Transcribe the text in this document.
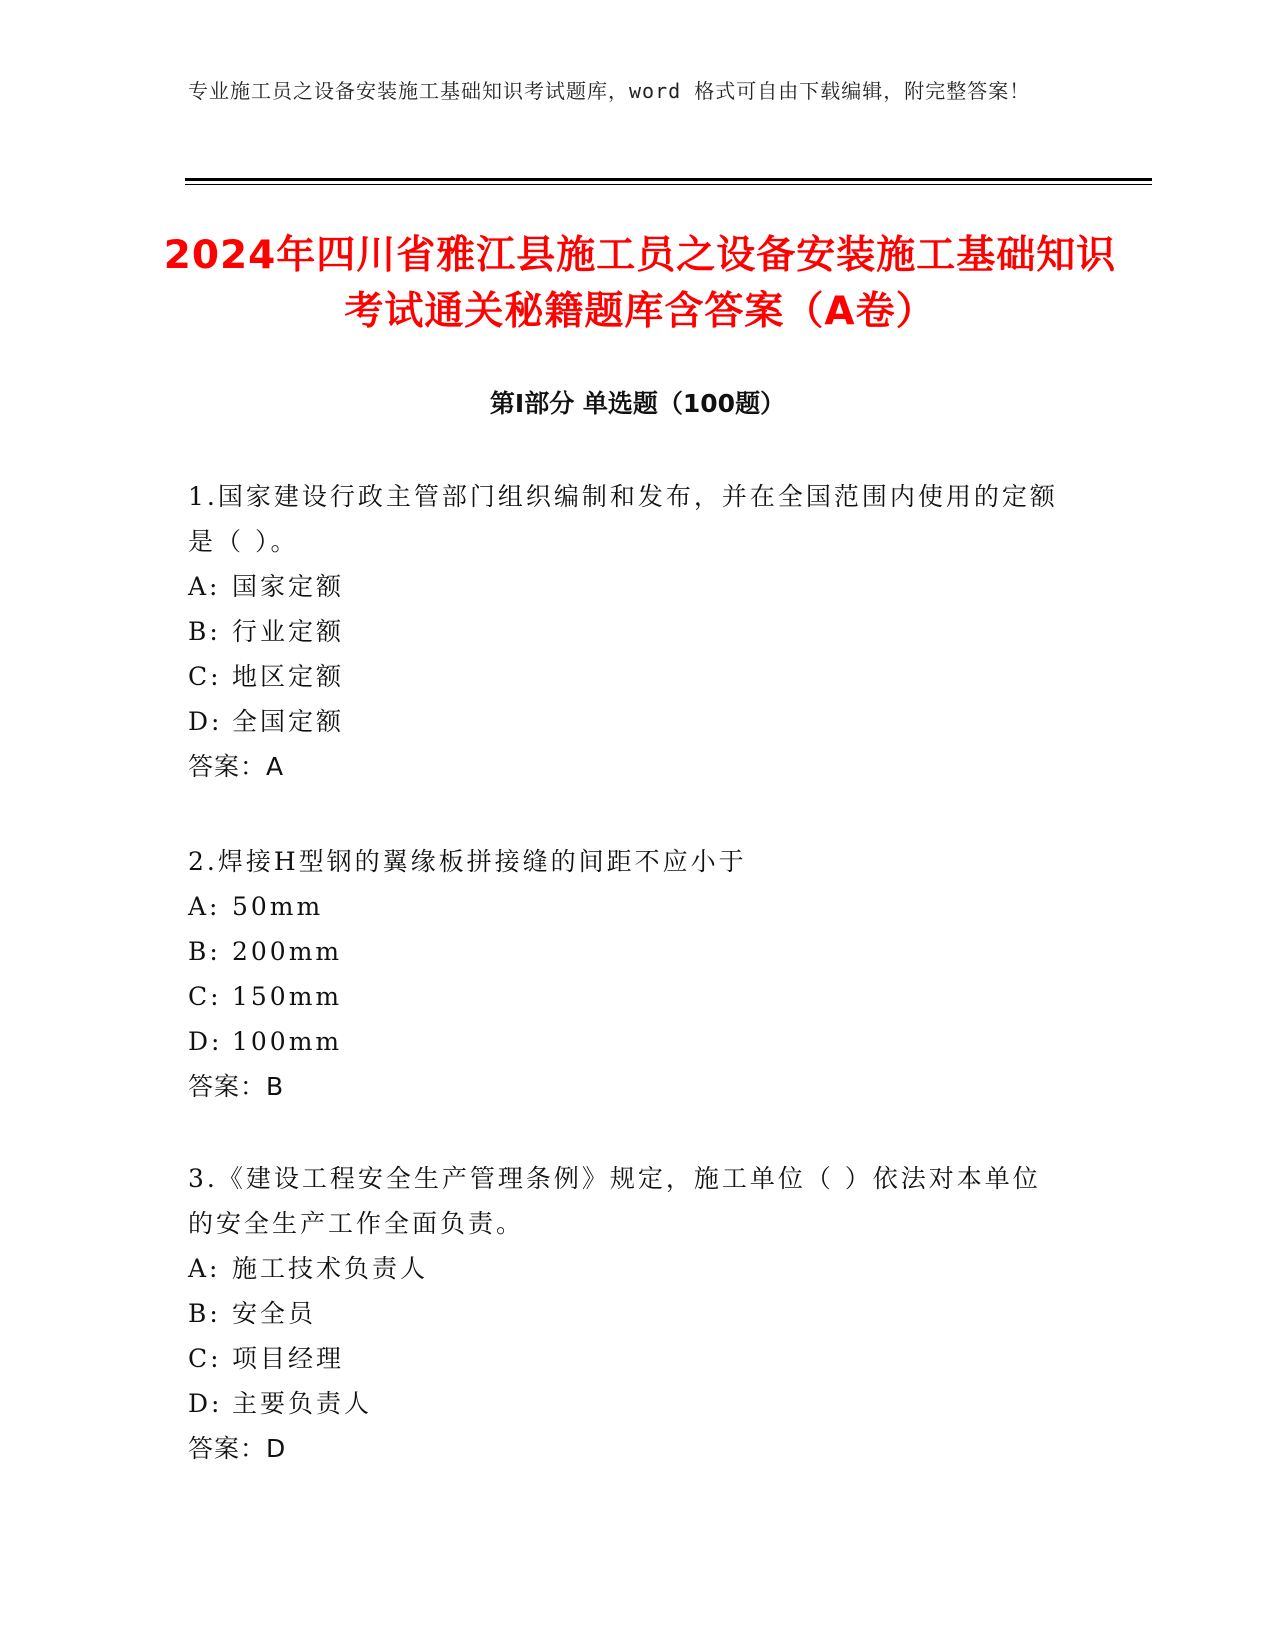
专业施工员之设备安装施工基础知识考试题库，word 格式可自由下载编辑，附完整答案！
2024年四川省雅江县施工员之设备安装施工基础知识考试通关秘籍题库含答案（A卷）
第Ⅰ部分 单选题（100题）

1.国家建设行政主管部门组织编制和发布，并在全国范围内使用的定额是（ ）。

A: 国家定额
B: 行业定额
C: 地区定额
D: 全国定额
答案：A

2.焊接H型钢的翼缘板拼接缝的间距不应小于

A: 50mm
B: 200mm
C: 150mm
D: 100mm
答案：B

3.《建设工程安全生产管理条例》规定，施工单位（ ）依法对本单位的安全生产工作全面负责。

A: 施工技术负责人
B: 安全员
C: 项目经理
D: 主要负责人
答案：D
